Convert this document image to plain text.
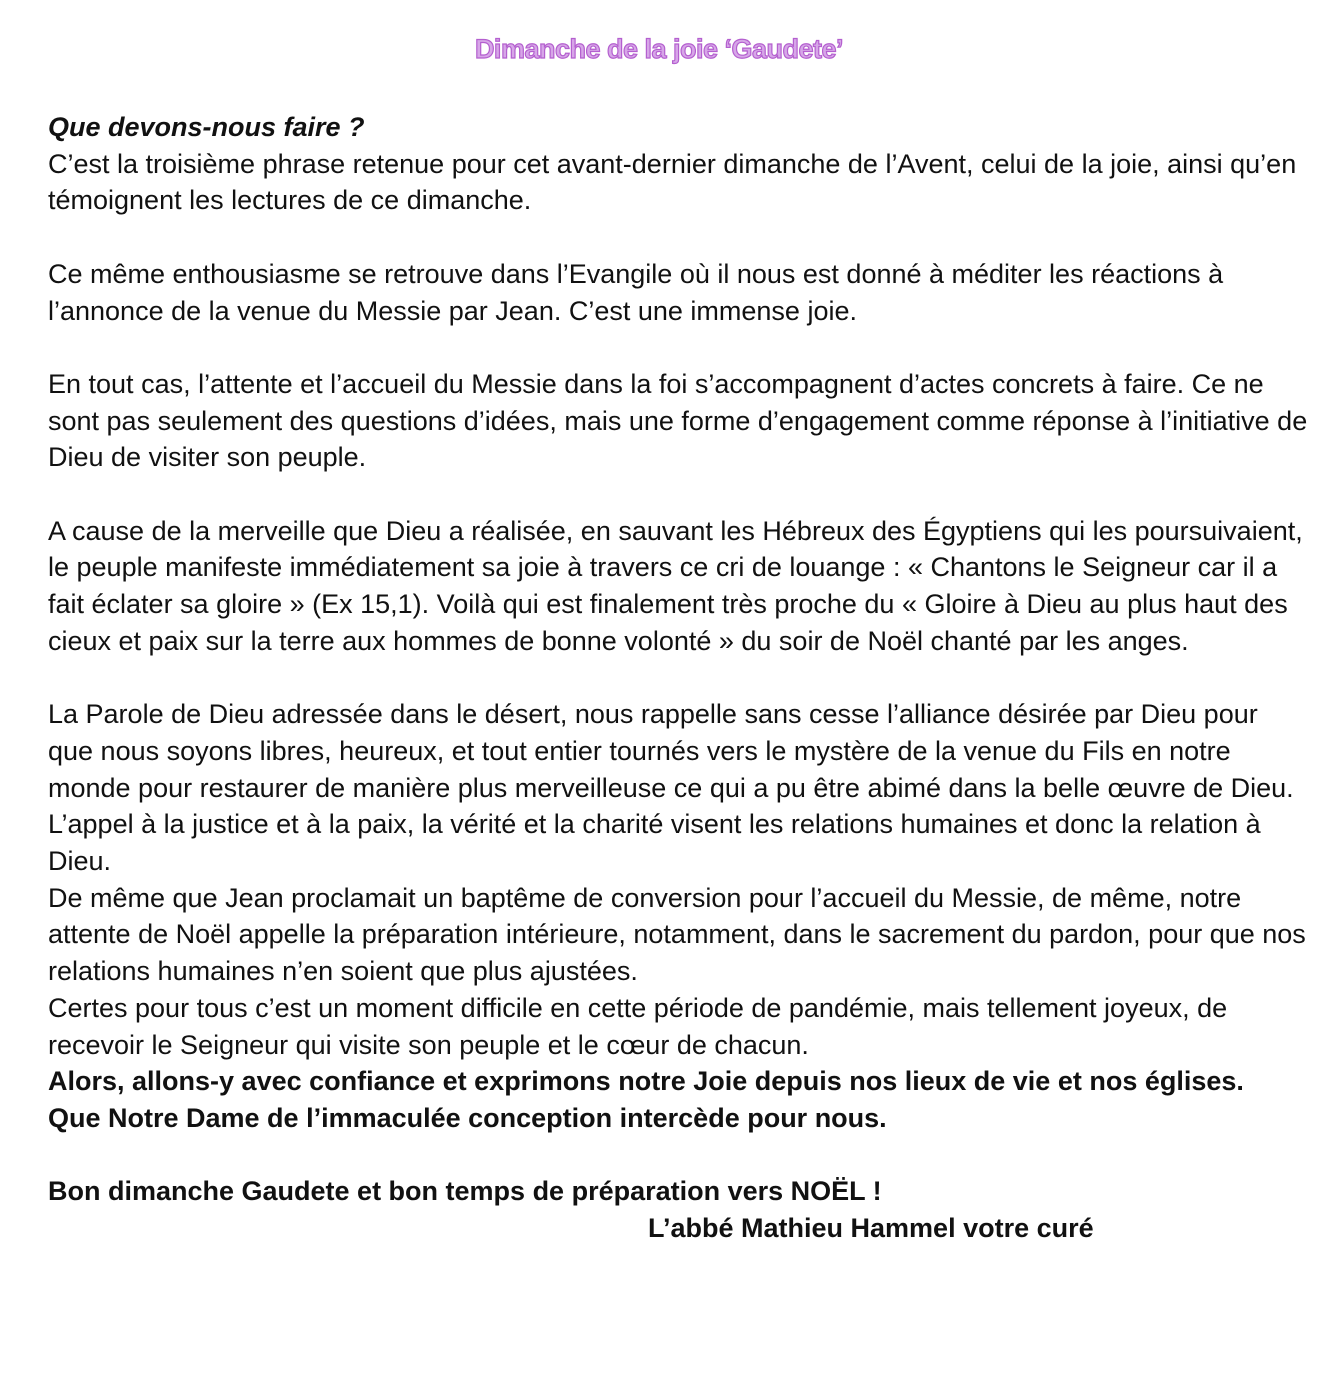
Dimanche de la joie ‘Gaudete’

Que devons-nous faire ?

C’est la troisième phrase retenue pour cet avant-dernier dimanche de l’Avent, celui de la joie, ainsi qu’en témoignent les lectures de ce dimanche.

Ce même enthousiasme se retrouve dans l’Evangile où il nous est donné à méditer les réactions à l’annonce de la venue du Messie par Jean. C’est une immense joie.

En tout cas, l’attente et l’accueil du Messie dans la foi s’accompagnent d’actes concrets à faire. Ce ne sont pas seulement des questions d’idées, mais une forme d’engagement comme réponse à l’initiative de Dieu de visiter son peuple.

A cause de la merveille que Dieu a réalisée, en sauvant les Hébreux des Égyptiens qui les poursuivaient, le peuple manifeste immédiatement sa joie à travers ce cri de louange : « Chantons le Seigneur car il a fait éclater sa gloire » (Ex 15,1). Voilà qui est finalement très proche du « Gloire à Dieu au plus haut des cieux et paix sur la terre aux hommes de bonne volonté » du soir de Noël chanté par les anges.

La Parole de Dieu adressée dans le désert, nous rappelle sans cesse l’alliance désirée par Dieu pour que nous soyons libres, heureux, et tout entier tournés vers le mystère de la venue du Fils en notre monde pour restaurer de manière plus merveilleuse ce qui a pu être abimé dans la belle œuvre de Dieu.

L’appel à la justice et à la paix, la vérité et la charité visent les relations humaines et donc la relation à Dieu.

De même que Jean proclamait un baptême de conversion pour l’accueil du Messie, de même, notre attente de Noël appelle la préparation intérieure, notamment, dans le sacrement du pardon, pour que nos relations humaines n’en soient que plus ajustées.

Certes pour tous c’est un moment difficile en cette période de pandémie, mais tellement joyeux, de recevoir le Seigneur qui visite son peuple et le cœur de chacun.

Alors, allons-y avec confiance et exprimons notre Joie depuis nos lieux de vie et nos églises.

Que Notre Dame de l’immaculée conception intercède pour nous.

Bon dimanche Gaudete et bon temps de préparation vers NOËL !

L’abbé Mathieu Hammel votre curé
